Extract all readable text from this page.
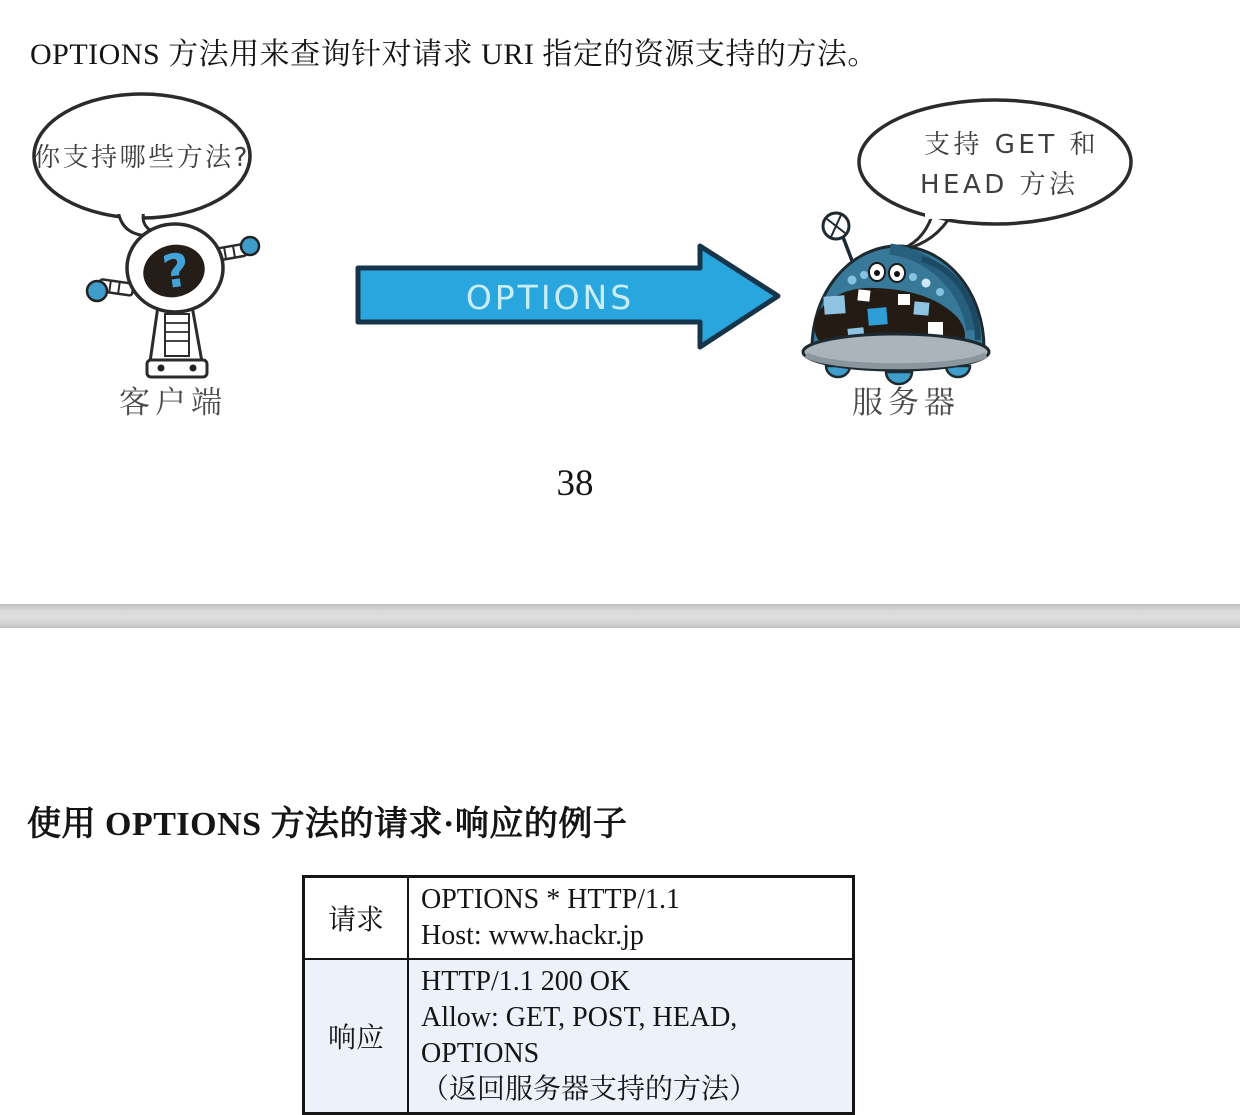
OPTIONS 方法用来查询针对请求 URI 指定的资源支持的方法。

你支持哪些方法?
?
客户端
OPTIONS
支持 GET 和
HEAD 方法
服务器
38
使用 OPTIONS 方法的请求·响应的例子
请求	OPTIONS * HTTP/1.1
Host: www.hackr.jp

响应	HTTP/1.1 200 OK
Allow: GET, POST, HEAD, OPTIONS
（返回服务器支持的方法）
